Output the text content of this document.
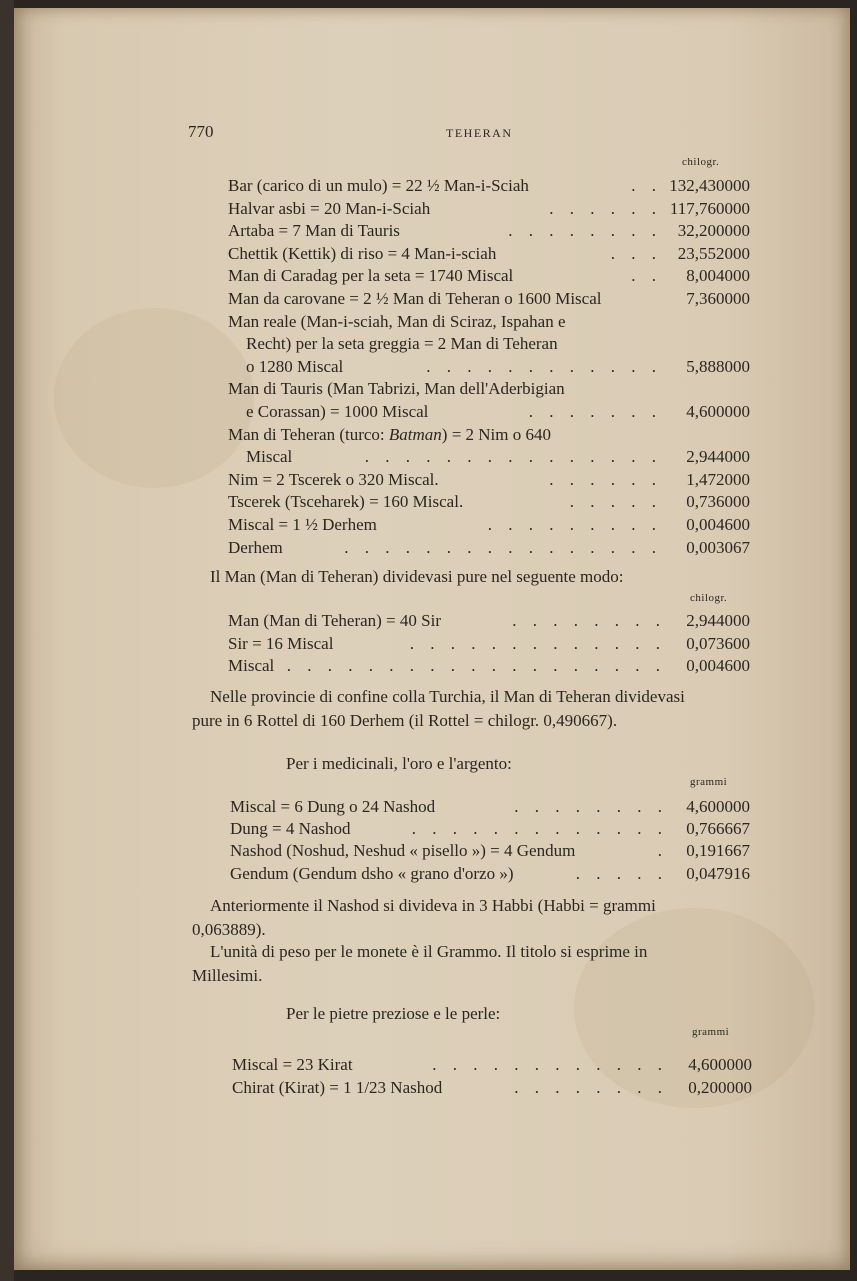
770	TEHERAN
chilogr.
Bar (carico di un mulo) = 22 ½ Man-i-Sciah	. . 132,430000
Halvar asbi = 20 Man-i-Sciah	. . . . . . 117,760000
Artaba = 7 Man di Tauris	. . . . . . . . 32,200000
Chettik (Kettik) di riso = 4 Man-i-sciah	. . . 23,552000
Man di Caradag per la seta = 1740 Miscal	. . 8,004000
Man da carovane = 2 ½ Man di Teheran o 1600 Miscal	7,360000
Man reale (Man-i-sciah, Man di Sciraz, Ispahan e
Recht) per la seta greggia = 2 Man di Teheran
o 1280 Miscal	. . . . . . . . . . . . 5,888000
Man di Tauris (Man Tabrizi, Man dell'Aderbigian
e Corassan) = 1000 Miscal	. . . . . . . 4,600000
Man di Teheran (turco: Batman) = 2 Nim o 640
Miscal	. . . . . . . . . . . . . . . 2,944000
Nim = 2 Tscerek o 320 Miscal.	. . . . . . 1,472000
Tscerek (Tsceharek) = 160 Miscal.	. . . . . 0,736000
Miscal = 1 ½ Derhem	. . . . . . . . . 0,004600
Derhem	. . . . . . . . . . . . . . . . 0,003067
Il Man (Man di Teheran) dividevasi pure nel seguente modo:
chilogr.
Man (Man di Teheran) = 40 Sir	. . . . . . . . 2,944000
Sir = 16 Miscal	. . . . . . . . . . . . . 0,073600
Miscal . . . . . . . . . . . . . . . . . . . 0,004600
Nelle provincie di confine colla Turchia, il Man di Teheran dividevasi
pure in 6 Rottel di 160 Derhem (il Rottel = chilogr. 0,490667).
Per i medicinali, l'oro e l'argento:
grammi
Miscal = 6 Dung o 24 Nashod	. . . . . . . . 4,600000
Dung = 4 Nashod	. . . . . . . . . . . . . 0,766667
Nashod (Noshud, Neshud « pisello ») = 4 Gendum	. 0,191667
Gendum (Gendum dsho « grano d'orzo »)	. . . . . 0,047916
Anteriormente il Nashod si divideva in 3 Habbi (Habbi = grammi
0,063889).
L'unità di peso per le monete è il Grammo. Il titolo si esprime in
Millesimi.
Per le pietre preziose e le perle:
grammi
Miscal = 23 Kirat	. . . . . . . . . . . . 4,600000
Chirat (Kirat) = 1 1/23 Nashod	. . . . . . . . 0,200000
